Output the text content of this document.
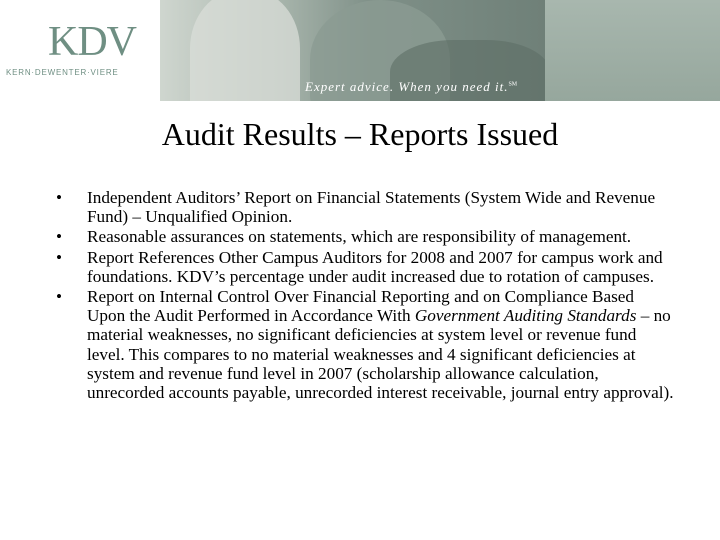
KDV
KERN·DEWENTER·VIERE
Expert advice. When you need it.℠
Audit Results – Reports Issued
• Independent Auditors’ Report on Financial Statements (System Wide and Revenue Fund) – Unqualified Opinion.
• Reasonable assurances on statements, which are responsibility of management.
• Report References Other Campus Auditors for 2008 and 2007 for campus work and foundations. KDV’s percentage under audit increased due to rotation of campuses.
• Report on Internal Control Over Financial Reporting and on Compliance Based Upon the Audit Performed in Accordance With Government Auditing Standards – no material weaknesses, no significant deficiencies at system level or revenue fund level. This compares to no material weaknesses and 4 significant deficiencies at system and revenue fund level in 2007 (scholarship allowance calculation, unrecorded accounts payable, unrecorded interest receivable, journal entry approval).
